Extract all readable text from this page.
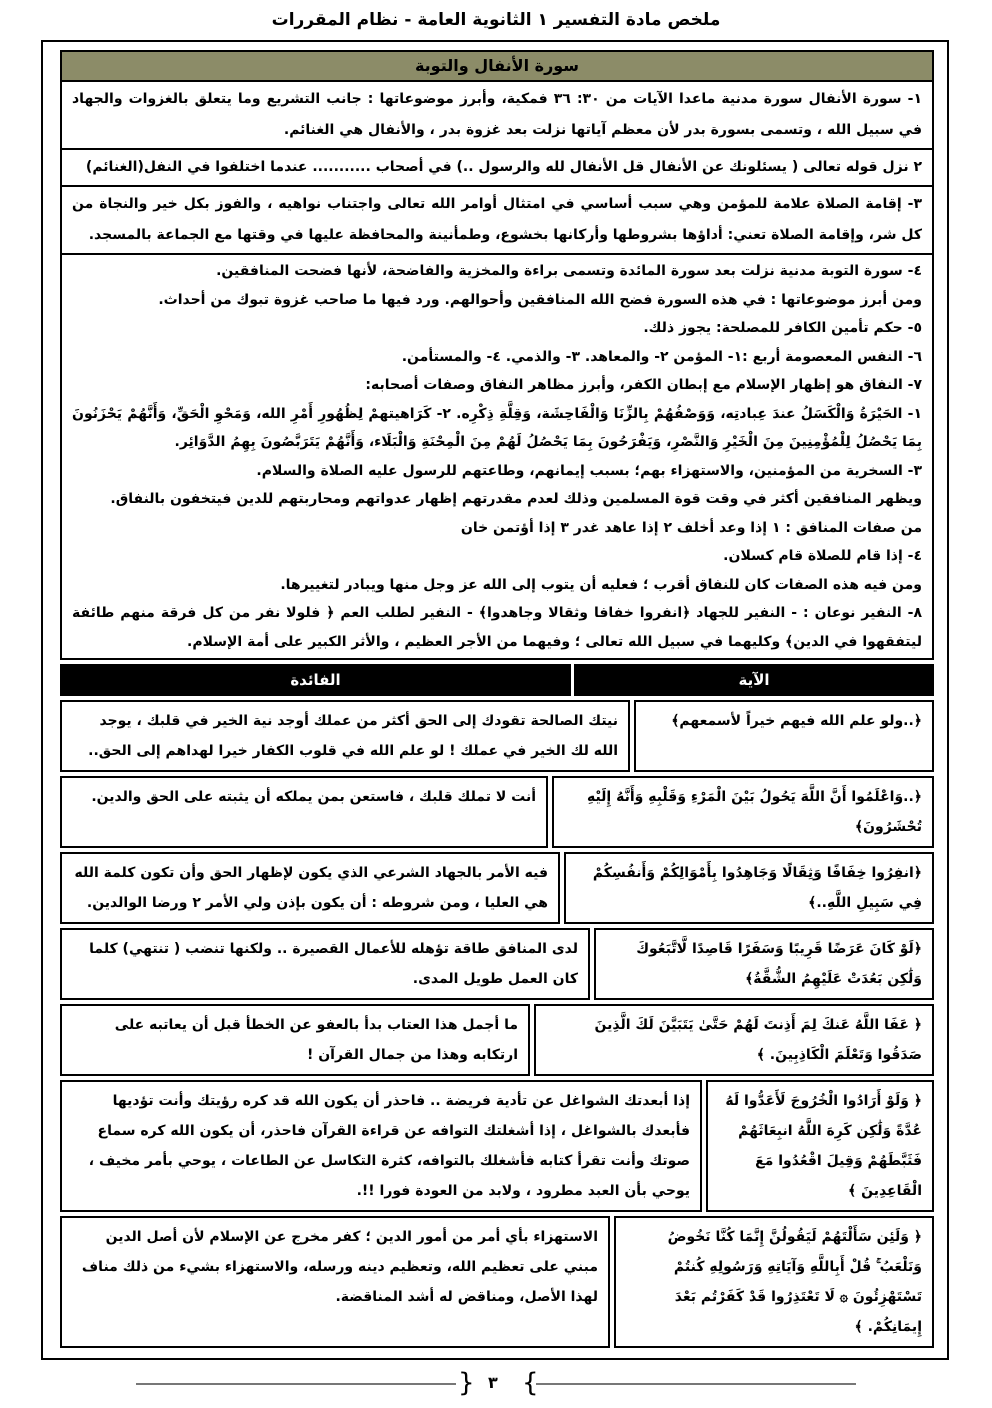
ملخص مادة التفسير ١ الثانوية العامة - نظام المقررات
سورة الأنفال والتوبة

١- سورة الأنفال سورة مدنية ماعدا الآيات من ٣٠: ٣٦ فمكية، وأبرز موضوعاتها : جانب التشريع وما يتعلق بالغزوات والجهاد في سبيل الله ، وتسمى بسورة بدر لأن معظم آياتها نزلت بعد غزوة بدر ، والأنفال هي الغنائم.

٢ نزل قوله تعالى ( يسئلونك عن الأنفال قل الأنفال لله والرسول ..) في أصحاب ........... عندما اختلفوا في النفل(الغنائم)

٣- إقامة الصلاة علامة للمؤمن وهي سبب أساسي في امتثال أوامر الله تعالى واجتناب نواهيه ، والفوز بكل خير والنجاة من كل شر، وإقامة الصلاة تعني: أداؤها بشروطها وأركانها بخشوع، وطمأنينة والمحافظة عليها في وقتها مع الجماعة بالمسجد.

٤- سورة التوبة مدنية نزلت بعد سورة المائدة وتسمى براءة والمخزية والفاضحة، لأنها فضحت المنافقين.

ومن أبرز موضوعاتها : في هذه السورة فضح الله المنافقين وأحوالهم. ورد فيها ما صاحب غزوة تبوك من أحداث.

٥- حكم تأمين الكافر للمصلحة: يجوز ذلك.

٦- النفس المعصومة أربع :١- المؤمن ٢- والمعاهد. ٣- والذمي. ٤- والمستأمن.

٧- النفاق هو إظهار الإسلام مع إبطان الكفر، وأبرز مظاهر النفاق وصفات أصحابه:

١- الحَيْرَةُ وَالْكَسَلُ عندَ عِبادتِه، وَوَصْفُهُمْ بِالزِّنَا وَالْفَاحِشَة، وَقِلَّةِ ذِكْرِه. ٢- كَرَاهيتهمْ لِظُهُورِ أَمْرِ الله، وَمَحْوِ الْحَقِّ، وَأَنَّهُمْ يَحْزَنُونَ بِمَا يَحْصُلُ لِلْمُؤْمِنِينَ مِنَ الْخَيْرِ وَالنَّصْرِ، وَيَفْرَحُونَ بِمَا يَحْصُلُ لَهُمْ مِنَ الْمِحْنَةِ وَالْبَلَاء، وَأَنَّهُمْ يَتَرَبَّصُونَ بِهِمُ الدَّوَائِر.

٣- السخرية من المؤمنين، والاستهزاء بهم؛ بسبب إيمانهم، وطاعتهم للرسول عليه الصلاة والسلام.

ويظهر المنافقين أكثر في وقت قوة المسلمين وذلك لعدم مقدرتهم إظهار عدواتهم ومحاربتهم للدين فيتخفون بالنفاق.

من صفات المنافق : ١ إذا وعد أخلف ٢ إذا عاهد غدر ٣ إذا أؤتمن خان

٤- إذا قام للصلاة قام كسلان.

ومن فيه هذه الصفات كان للنفاق أقرب ؛ فعليه أن يتوب إلى الله عز وجل منها ويبادر لتغييرها.

٨- النفير نوعان : - النفير للجهاد ﴿انفروا خفافا وثقالا وجاهدوا﴾ - النفير لطلب العم ﴿ فلولا نفر من كل فرقة منهم طائفة ليتفقهوا في الدين﴾ وكليهما في سبيل الله تعالى ؛ وفيهما من الأجر العظيم ، والأثر الكبير على أمة الإسلام.

الآية
الفائدة
﴿..ولو علم الله فيهم خيراً لأسمعهم﴾
نيتك الصالحة تقودك إلى الحق أكثر من عملك أوجد نية الخير في قلبك ، يوجد الله لك الخير في عملك ! لو علم الله في قلوب الكفار خيرا لهداهم إلى الحق..
﴿..وَاعْلَمُوا أَنَّ اللَّهَ يَحُولُ بَيْنَ الْمَرْءِ وَقَلْبِهِ وَأَنَّهُ إِلَيْهِ تُحْشَرُونَ﴾
أنت لا تملك قلبك ، فاستعن بمن يملكه أن يثبته على الحق والدين.
﴿انفِرُوا خِفَافًا وَثِقَالًا وَجَاهِدُوا بِأَمْوَالِكُمْ وَأَنفُسِكُمْ فِي سَبِيلِ اللَّهِ..﴾
فيه الأمر بالجهاد الشرعي الذي يكون لإظهار الحق وأن تكون كلمة الله هي العليا ، ومن شروطه : أن يكون بإذن ولي الأمر ٢ ورضا الوالدين.
﴿لَوْ كَانَ عَرَضًا قَرِيبًا وَسَفَرًا قَاصِدًا لَّاتَّبَعُوكَ وَلَٰكِن بَعُدَتْ عَلَيْهِمُ الشُّقَّةُ﴾
لدى المنافق طاقة تؤهله للأعمال القصيرة .. ولكنها تنضب ( تنتهي) كلما كان العمل طويل المدى.
﴿ عَفَا اللَّهُ عَنكَ لِمَ أَذِنتَ لَهُمْ حَتَّىٰ يَتَبَيَّنَ لَكَ الَّذِينَ صَدَقُوا وَتَعْلَمَ الْكَاذِبِينَ. ﴾
ما أجمل هذا العتاب بدأ بالعفو عن الخطأ قبل أن يعاتبه على ارتكابه وهذا من جمال القرآن !
﴿ وَلَوْ أَرَادُوا الْخُرُوجَ لَأَعَدُّوا لَهُ عُدَّةً وَلَٰكِن كَرِهَ اللَّهُ انبِعَاثَهُمْ فَثَبَّطَهُمْ وَقِيلَ اقْعُدُوا مَعَ الْقَاعِدِينَ ﴾
إذا أبعدتك الشواغل عن تأدية فريضة .. فاحذر أن يكون الله قد كره رؤيتك وأنت تؤديها فأبعدك بالشواغل ، إذا أشغلتك التوافه عن قراءة القرآن فاحذر، أن يكون الله كره سماع صوتك وأنت تقرأ كتابه فأشغلك بالتوافه، كثرة التكاسل عن الطاعات ، يوحي بأمر مخيف ، يوحي بأن العبد مطرود ، ولابد من العودة فورا !!.
﴿ وَلَئِن سَأَلْتَهُمْ لَيَقُولُنَّ إِنَّمَا كُنَّا نَخُوضُ وَنَلْعَبُ ۚ قُلْ أَبِاللَّهِ وَآيَاتِهِ وَرَسُولِهِ كُنتُمْ تَسْتَهْزِئُونَ ۞ لَا تَعْتَذِرُوا قَدْ كَفَرْتُم بَعْدَ إِيمَانِكُمْ. ﴾
الاستهزاء بأي أمر من أمور الدين ؛ كفر مخرج عن الإسلام لأن أصل الدين مبني على تعظيم الله، وتعظيم دينه ورسله، والاستهزاء بشيء من ذلك مناف لهذا الأصل، ومناقض له أشد المناقضة.
{ ٣ }
